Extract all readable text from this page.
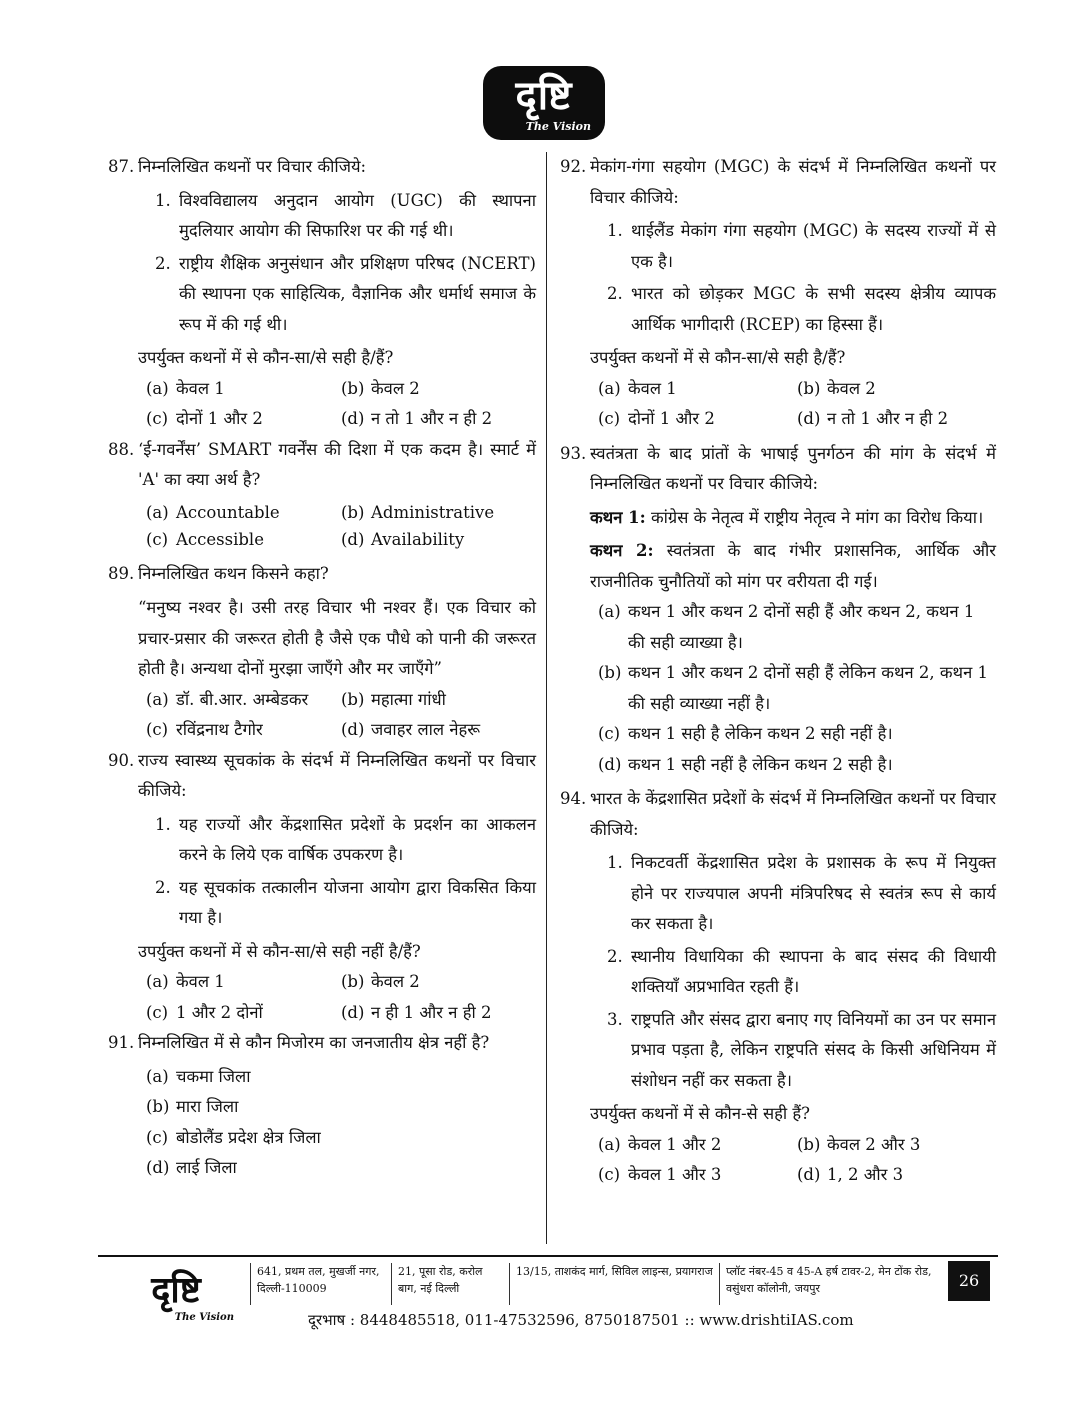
दृष्टि
The Vision
87. निम्नलिखित कथनों पर विचार कीजिये:
1. विश्वविद्यालय अनुदान आयोग (UGC) की स्थापना मुदलियार आयोग की सिफारिश पर की गई थी।
2. राष्ट्रीय शैक्षिक अनुसंधान और प्रशिक्षण परिषद (NCERT) की स्थापना एक साहित्यिक, वैज्ञानिक और धर्मार्थ समाज के रूप में की गई थी।
उपर्युक्त कथनों में से कौन-सा/से सही है/हैं?
(a) केवल 1	(b) केवल 2
(c) दोनों 1 और 2	(d) न तो 1 और न ही 2
88. ‘ई-गवर्नेंस’ SMART गवर्नेंस की दिशा में एक कदम है। स्मार्ट में 'A' का क्या अर्थ है?
(a) Accountable	(b) Administrative
(c) Accessible	(d) Availability
89. निम्नलिखित कथन किसने कहा?
“मनुष्य नश्वर है। उसी तरह विचार भी नश्वर हैं। एक विचार को प्रचार-प्रसार की जरूरत होती है जैसे एक पौधे को पानी की जरूरत होती है। अन्यथा दोनों मुरझा जाएँगे और मर जाएँगे”
(a) डॉ. बी.आर. अम्बेडकर (b) महात्मा गांधी
(c) रविंद्रनाथ टैगोर	(d) जवाहर लाल नेहरू
90. राज्य स्वास्थ्य सूचकांक के संदर्भ में निम्नलिखित कथनों पर विचार कीजिये:
1. यह राज्यों और केंद्रशासित प्रदेशों के प्रदर्शन का आकलन करने के लिये एक वार्षिक उपकरण है।
2. यह सूचकांक तत्कालीन योजना आयोग द्वारा विकसित किया गया है।
उपर्युक्त कथनों में से कौन-सा/से सही नहीं है/हैं?
(a) केवल 1	(b) केवल 2
(c) 1 और 2 दोनों	(d) न ही 1 और न ही 2
91. निम्नलिखित में से कौन मिजोरम का जनजातीय क्षेत्र नहीं है?
(a) चकमा जिला
(b) मारा जिला
(c) बोडोलैंड प्रदेश क्षेत्र जिला
(d) लाई जिला
92. मेकांग-गंगा सहयोग (MGC) के संदर्भ में निम्नलिखित कथनों पर विचार कीजिये:
1. थाईलैंड मेकांग गंगा सहयोग (MGC) के सदस्य राज्यों में से एक है।
2. भारत को छोड़कर MGC के सभी सदस्य क्षेत्रीय व्यापक आर्थिक भागीदारी (RCEP) का हिस्सा हैं।
उपर्युक्त कथनों में से कौन-सा/से सही है/हैं?
(a) केवल 1	(b) केवल 2
(c) दोनों 1 और 2	(d) न तो 1 और न ही 2
93. स्वतंत्रता के बाद प्रांतों के भाषाई पुनर्गठन की मांग के संदर्भ में निम्नलिखित कथनों पर विचार कीजिये:
कथन 1: कांग्रेस के नेतृत्व में राष्ट्रीय नेतृत्व ने मांग का विरोध किया।
कथन 2: स्वतंत्रता के बाद गंभीर प्रशासनिक, आर्थिक और राजनीतिक चुनौतियों को मांग पर वरीयता दी गई।
(a) कथन 1 और कथन 2 दोनों सही हैं और कथन 2, कथन 1 की सही व्याख्या है।
(b) कथन 1 और कथन 2 दोनों सही हैं लेकिन कथन 2, कथन 1 की सही व्याख्या नहीं है।
(c) कथन 1 सही है लेकिन कथन 2 सही नहीं है।
(d) कथन 1 सही नहीं है लेकिन कथन 2 सही है।
94. भारत के केंद्रशासित प्रदेशों के संदर्भ में निम्नलिखित कथनों पर विचार कीजिये:
1. निकटवर्ती केंद्रशासित प्रदेश के प्रशासक के रूप में नियुक्त होने पर राज्यपाल अपनी मंत्रिपरिषद से स्वतंत्र रूप से कार्य कर सकता है।
2. स्थानीय विधायिका की स्थापना के बाद संसद की विधायी शक्तियाँ अप्रभावित रहती हैं।
3. राष्ट्रपति और संसद द्वारा बनाए गए विनियमों का उन पर समान प्रभाव पड़ता है, लेकिन राष्ट्रपति संसद के किसी अधिनियम में संशोधन नहीं कर सकता है।
उपर्युक्त कथनों में से कौन-से सही हैं?
(a) केवल 1 और 2	(b) केवल 2 और 3
(c) केवल 1 और 3	(d) 1, 2 और 3
दृष्टि
The Vision
641, प्रथम तल, मुखर्जी नगर, दिल्ली-110009
21, पूसा रोड, करोल बाग, नई दिल्ली
13/15, ताशकंद मार्ग, सिविल लाइन्स, प्रयागराज	प्लॉट नंबर-45 व 45-A हर्ष टावर-2, मेन टोंक रोड, वसुंधरा कॉलोनी, जयपुर	26
दूरभाष : 8448485518, 011-47532596, 8750187501 :: www.drishtiIAS.com
